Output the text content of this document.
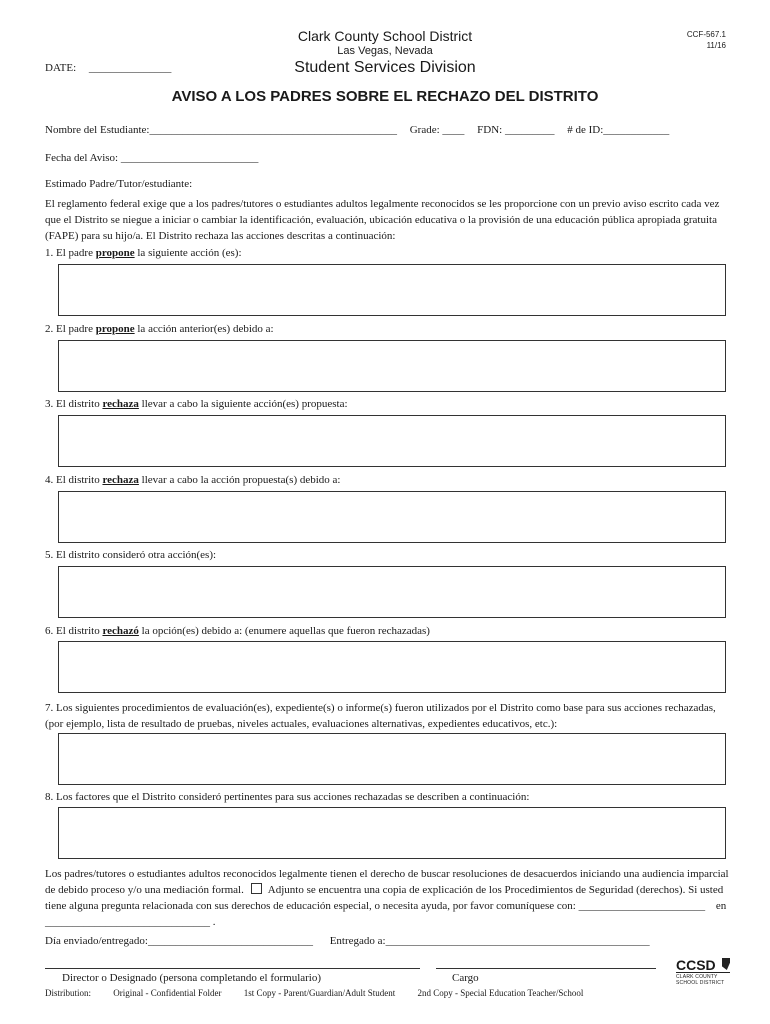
Clark County School District
Las Vegas, Nevada
Student Services Division
CCF-567.1
11/16
DATE: _______________
AVISO A LOS PADRES SOBRE EL RECHAZO DEL DISTRITO
Nombre del Estudiante:_____________________________________________ Grade: ____ FDN: _________ # de ID:____________
Fecha del Aviso: _________________________
Estimado Padre/Tutor/estudiante:
El reglamento federal exige que a los padres/tutores o estudiantes adultos legalmente reconocidos se les proporcione con un previo aviso escrito cada vez que el Distrito se niegue a iniciar o cambiar la identificación, evaluación, ubicación educativa o la provisión de una educación pública apropiada gratuita (FAPE) para su hijo/a. El Distrito rechaza las acciones descritas a continuación:
1. El padre propone la siguiente acción (es):
2. El padre propone la acción anterior(es) debido a:
3. El distrito rechaza llevar a cabo la siguiente acción(es) propuesta:
4. El distrito rechaza llevar a cabo la acción propuesta(s) debido a:
5. El distrito consideró otra acción(es):
6. El distrito rechazó la opción(es) debido a: (enumere aquellas que fueron rechazadas)
7. Los siguientes procedimientos de evaluación(es), expediente(s) o informe(s) fueron utilizados por el Distrito como base para sus acciones rechazadas, (por ejemplo, lista de resultado de pruebas, niveles actuales, evaluaciones alternativas, expedientes educativos, etc.):
8. Los factores que el Distrito consideró pertinentes para sus acciones rechazadas se describen a continuación:
Los padres/tutores o estudiantes adultos reconocidos legalmente tienen el derecho de buscar resoluciones de desacuerdos iniciando una audiencia imparcial de debido proceso y/o una mediación formal. Adjunto se encuentra una copia de explicación de los Procedimientos de Seguridad (derechos). Si usted tiene alguna pregunta relacionada con sus derechos de educación especial, o necesita ayuda, por favor comuníquese con: _______________________ en ______________________________ .
Día enviado/entregado:______________________________ Entregado a:________________________________________________
Director o Designado (persona completando el formulario)	Cargo
Distribution: Original - Confidential Folder 1st Copy - Parent/Guardian/Adult Student 2nd Copy - Special Education Teacher/School
CCSD
CLARK COUNTY
SCHOOL DISTRICT
